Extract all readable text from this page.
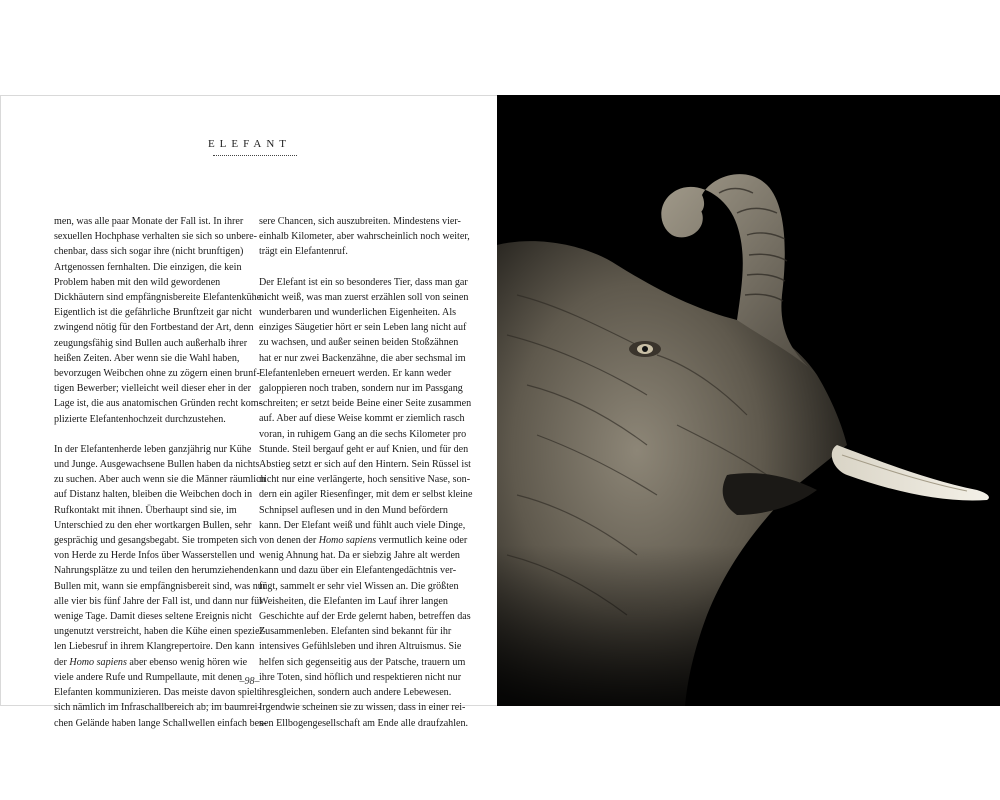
ELEFANT

men, was alle paar Monate der Fall ist. In ihrer
sexuellen Hochphase verhalten sie sich so unbere-
chenbar, dass sich sogar ihre (nicht brunftigen)
Artgenossen fernhalten. Die einzigen, die kein
Problem haben mit den wild gewordenen
Dickhäutern sind empfängnisbereite Elefantenkühe.
Eigentlich ist die gefährliche Brunftzeit gar nicht
zwingend nötig für den Fortbestand der Art, denn
zeugungsfähig sind Bullen auch außerhalb ihrer
heißen Zeiten. Aber wenn sie die Wahl haben,
bevorzugen Weibchen ohne zu zögern einen brunf-
tigen Bewerber; vielleicht weil dieser eher in der
Lage ist, die aus anatomischen Gründen recht kom-
plizierte Elefantenhochzeit durchzustehen.

In der Elefantenherde leben ganzjährig nur Kühe
und Junge. Ausgewachsene Bullen haben da nichts
zu suchen. Aber auch wenn sie die Männer räumlich
auf Distanz halten, bleiben die Weibchen doch in
Rufkontakt mit ihnen. Überhaupt sind sie, im
Unterschied zu den eher wortkargen Bullen, sehr
gesprächig und gesangsbegabt. Sie trompeten sich
von Herde zu Herde Infos über Wasserstellen und
Nahrungsplätze zu und teilen den herumziehenden
Bullen mit, wann sie empfängnisbereit sind, was nur
alle vier bis fünf Jahre der Fall ist, und dann nur für
wenige Tage. Damit dieses seltene Ereignis nicht
ungenutzt verstreicht, haben die Kühe einen speziel-
len Liebesruf in ihrem Klangrepertoire. Den kann
der Homo sapiens aber ebenso wenig hören wie
viele andere Rufe und Rumpellaute, mit denen
Elefanten kommunizieren. Das meiste davon spielt
sich nämlich im Infraschallbereich ab; im baumrei-
chen Gelände haben lange Schallwellen einfach bes-

sere Chancen, sich auszubreiten. Mindestens vier-
einhalb Kilometer, aber wahrscheinlich noch weiter,
trägt ein Elefantenruf.

Der Elefant ist ein so besonderes Tier, dass man gar
nicht weiß, was man zuerst erzählen soll von seinen
wunderbaren und wunderlichen Eigenheiten. Als
einziges Säugetier hört er sein Leben lang nicht auf
zu wachsen, und außer seinen beiden Stoßzähnen
hat er nur zwei Backenzähne, die aber sechsmal im
Elefantenleben erneuert werden. Er kann weder
galoppieren noch traben, sondern nur im Passgang
schreiten; er setzt beide Beine einer Seite zusammen
auf. Aber auf diese Weise kommt er ziemlich rasch
voran, in ruhigem Gang an die sechs Kilometer pro
Stunde. Steil bergauf geht er auf Knien, und für den
Abstieg setzt er sich auf den Hintern. Sein Rüssel ist
nicht nur eine verlängerte, hoch sensitive Nase, son-
dern ein agiler Riesenfinger, mit dem er selbst kleine
Schnipsel auflesen und in den Mund befördern
kann. Der Elefant weiß und fühlt auch viele Dinge,
von denen der Homo sapiens vermutlich keine oder
wenig Ahnung hat. Da er siebzig Jahre alt werden
kann und dazu über ein Elefantengedächtnis ver-
fügt, sammelt er sehr viel Wissen an. Die größten
Weisheiten, die Elefanten im Lauf ihrer langen
Geschichte auf der Erde gelernt haben, betreffen das
Zusammenleben. Elefanten sind bekannt für ihr
intensives Gefühlsleben und ihren Altruismus. Sie
helfen sich gegenseitig aus der Patsche, trauern um
ihre Toten, sind höflich und respektieren nicht nur
ihresgleichen, sondern auch andere Lebewesen.
Irgendwie scheinen sie zu wissen, dass in einer rei-
nen Ellbogengesellschaft am Ende alle draufzahlen.

–98–
